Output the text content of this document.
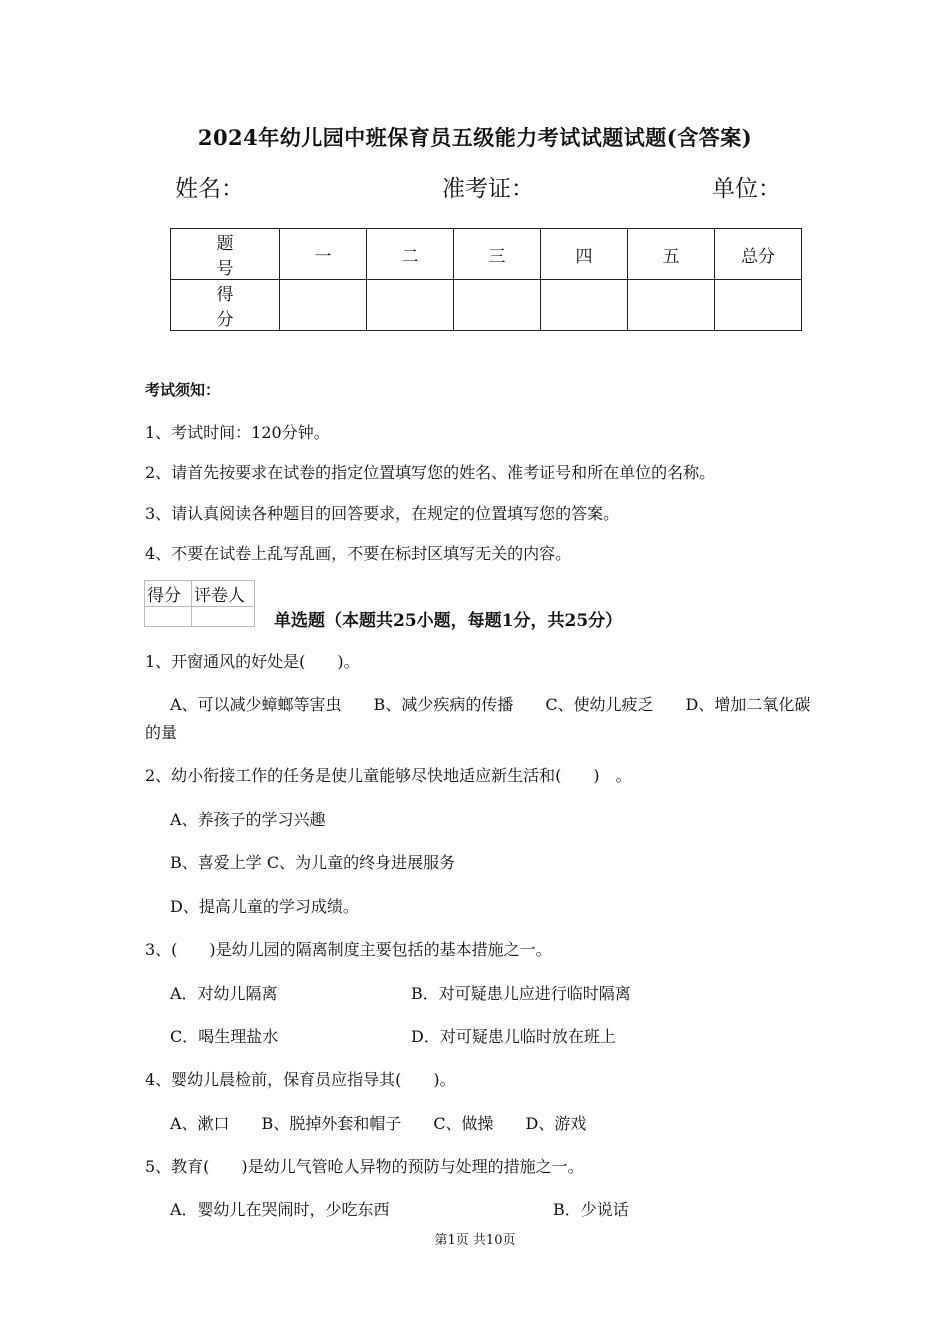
2024年幼儿园中班保育员五级能力考试试题试题(含答案)
姓名：	准考证：	单位：
题　号	一	二	三	四	五	总分
得　分						
考试须知：
1、考试时间：120分钟。
2、请首先按要求在试卷的指定位置填写您的姓名、准考证号和所在单位的名称。
3、请认真阅读各种题目的回答要求，在规定的位置填写您的答案。
4、不要在试卷上乱写乱画，不要在标封区填写无关的内容。
得分	评卷人

单选题（本题共25小题，每题1分，共25分）
1、开窗通风的好处是(　　)。
A、可以减少蟑螂等害虫　　B、减少疾病的传播　　C、使幼儿疲乏　　D、增加二氧化碳
的量
2、幼小衔接工作的任务是使儿童能够尽快地适应新生活和(　　)　。
A、养孩子的学习兴趣
B、喜爱上学 C、为儿童的终身进展服务
D、提高儿童的学习成绩。
3、(　　)是幼儿园的隔离制度主要包括的基本措施之一。
A．对幼儿隔离	B．对可疑患儿应进行临时隔离
C．喝生理盐水	D．对可疑患儿临时放在班上
4、婴幼儿晨检前，保育员应指导其(　　)。
A、漱口　　B、脱掉外套和帽子　　C、做操　　D、游戏
5、教育(　　)是幼儿气管呛人异物的预防与处理的措施之一。
A．婴幼儿在哭闹时，少吃东西	B．少说话
第1页 共10页
